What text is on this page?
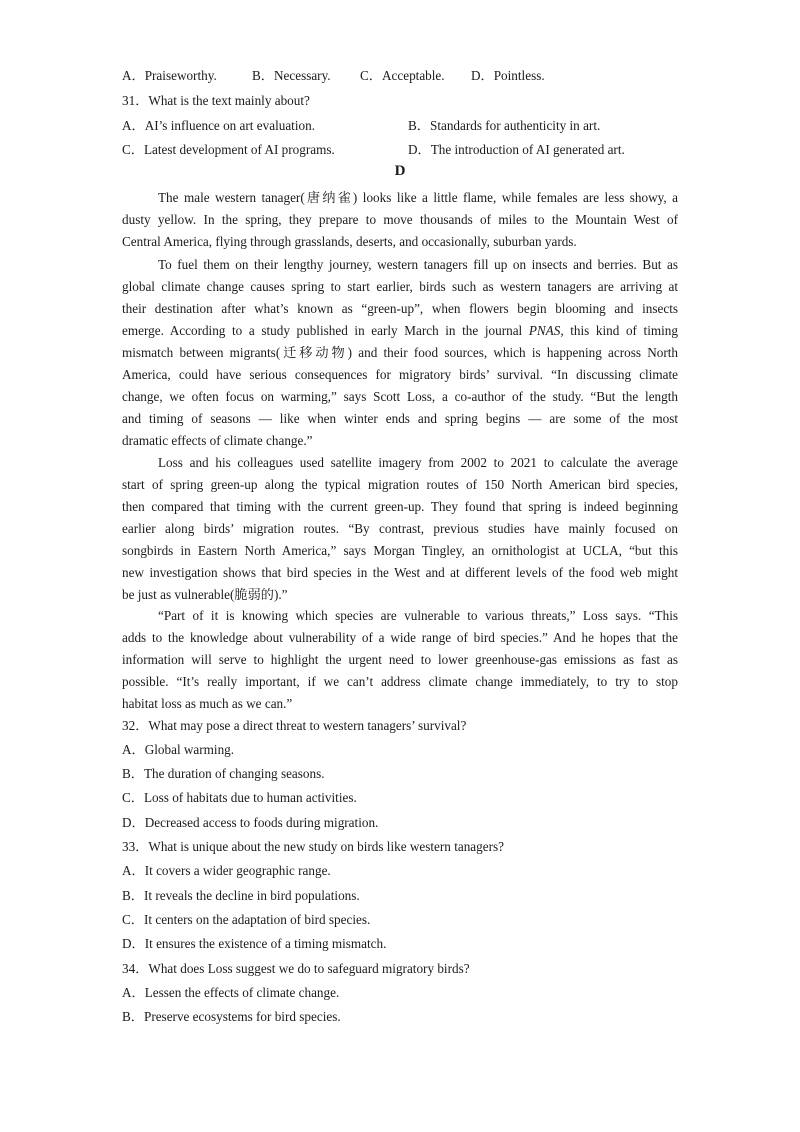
A．Praiseworthy.	B．Necessary. C．Acceptable. D．Pointless.
31．What is the text mainly about?
A．AI’s influence on art evaluation.	B．Standards for authenticity in art.
C．Latest development of AI programs.	D．The introduction of AI generated art.
D
The male western tanager(唐纳雀) looks like a little flame, while females are less showy, a
dusty yellow. In the spring, they prepare to move thousands of miles to the Mountain West of
Central America, flying through grasslands, deserts, and occasionally, suburban yards.
To fuel them on their lengthy journey, western tanagers fill up on insects and berries. But as
global climate change causes spring to start earlier, birds such as western tanagers are arriving at
their destination after what’s known as “green-up”, when flowers begin blooming and insects
emerge. According to a study published in early March in the journal PNAS, this kind of timing
mismatch between migrants(迁移动物) and their food sources, which is happening across North
America, could have serious consequences for migratory birds’ survival. “In discussing climate
change, we often focus on warming,” says Scott Loss, a co-author of the study. “But the length
and timing of seasons — like when winter ends and spring begins — are some of the most
dramatic effects of climate change.”
Loss and his colleagues used satellite imagery from 2002 to 2021 to calculate the average
start of spring green-up along the typical migration routes of 150 North American bird species,
then compared that timing with the current green-up. They found that spring is indeed beginning
earlier along birds’ migration routes. “By contrast, previous studies have mainly focused on
songbirds in Eastern North America,” says Morgan Tingley, an ornithologist at UCLA, “but this
new investigation shows that bird species in the West and at different levels of the food web might
be just as vulnerable(脆弱的).”
“Part of it is knowing which species are vulnerable to various threats,” Loss says. “This
adds to the knowledge about vulnerability of a wide range of bird species.” And he hopes that the
information will serve to highlight the urgent need to lower greenhouse-gas emissions as fast as
possible. “It’s really important, if we can’t address climate change immediately, to try to stop
habitat loss as much as we can.”
32．What may pose a direct threat to western tanagers’ survival?
A．Global warming.
B．The duration of changing seasons.
C．Loss of habitats due to human activities.
D．Decreased access to foods during migration.
33．What is unique about the new study on birds like western tanagers?
A．It covers a wider geographic range.
B．It reveals the decline in bird populations.
C．It centers on the adaptation of bird species.
D．It ensures the existence of a timing mismatch.
34．What does Loss suggest we do to safeguard migratory birds?
A．Lessen the effects of climate change.
B．Preserve ecosystems for bird species.
